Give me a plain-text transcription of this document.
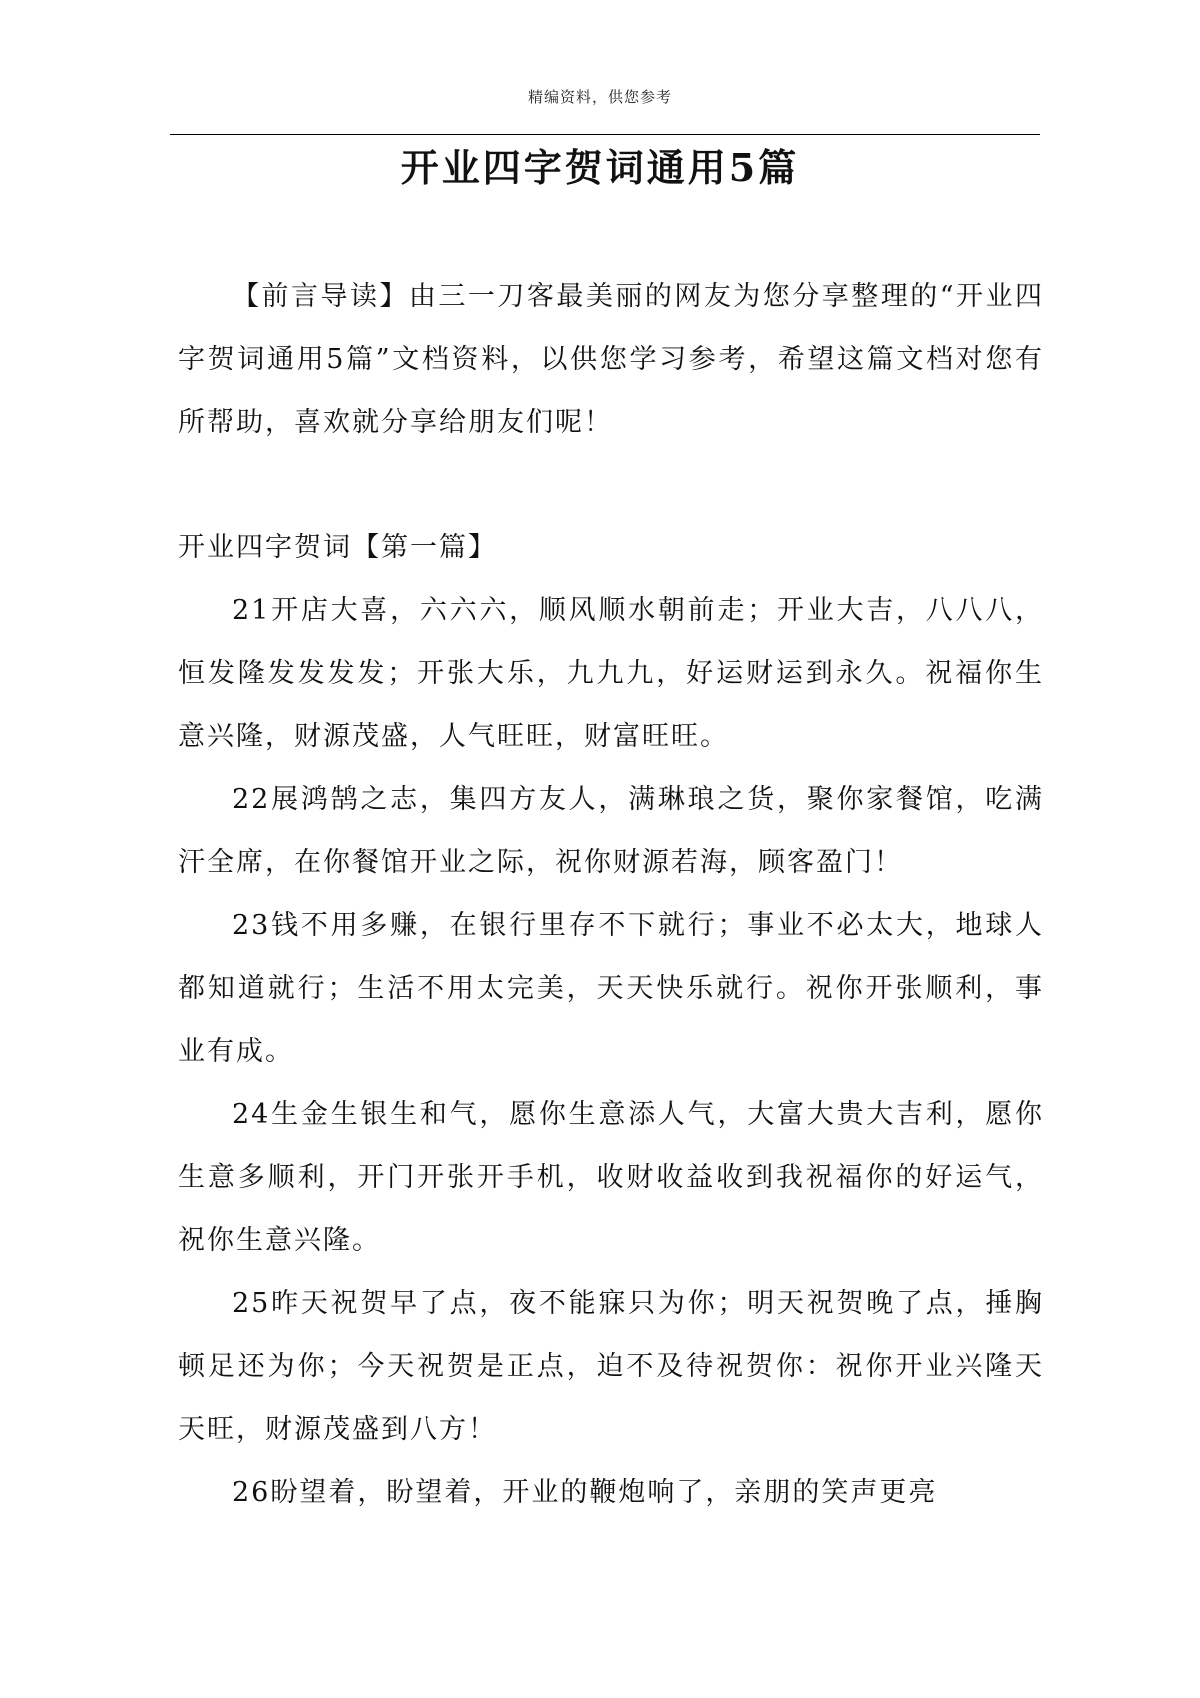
精编资料，供您参考
开业四字贺词通用5篇

【前言导读】由三一刀客最美丽的网友为您分享整理的“开业四字贺词通用5篇”文档资料，以供您学习参考，希望这篇文档对您有所帮助，喜欢就分享给朋友们呢！

开业四字贺词【第一篇】

21开店大喜，六六六，顺风顺水朝前走；开业大吉，八八八，恒发隆发发发发；开张大乐，九九九，好运财运到永久。祝福你生意兴隆，财源茂盛，人气旺旺，财富旺旺。

22展鸿鹄之志，集四方友人，满琳琅之货，聚你家餐馆，吃满汗全席，在你餐馆开业之际，祝你财源若海，顾客盈门！

23钱不用多赚，在银行里存不下就行；事业不必太大，地球人都知道就行；生活不用太完美，天天快乐就行。祝你开张顺利，事业有成。

24生金生银生和气，愿你生意添人气，大富大贵大吉利，愿你生意多顺利，开门开张开手机，收财收益收到我祝福你的好运气，祝你生意兴隆。

25昨天祝贺早了点，夜不能寐只为你；明天祝贺晚了点，捶胸顿足还为你；今天祝贺是正点，迫不及待祝贺你：祝你开业兴隆天天旺，财源茂盛到八方！

26盼望着，盼望着，开业的鞭炮响了，亲朋的笑声更亮
